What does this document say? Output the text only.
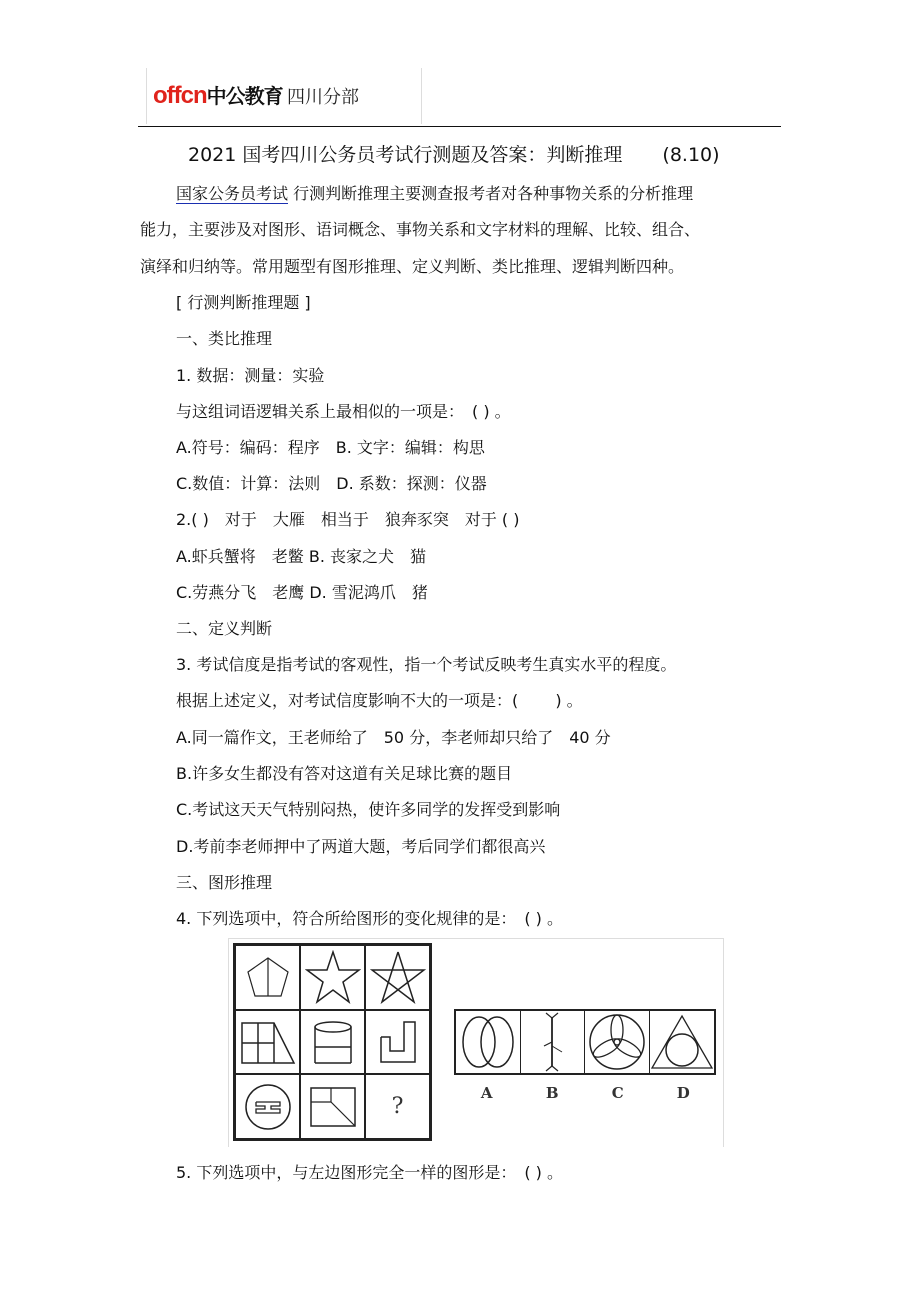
offcn中公教育 四川分部
2021 国考四川公务员考试行测题及答案：判断推理 (8.10)
国家公务员考试 行测判断推理主要测查报考者对各种事物关系的分析推理
能力，主要涉及对图形、语词概念、事物关系和文字材料的理解、比较、组合、
演绎和归纳等。常用题型有图形推理、定义判断、类比推理、逻辑判断四种。
[ 行测判断推理题 ]
一、类比推理
1. 数据：测量：实验
与这组词语逻辑关系上最相似的一项是：　( ) 。
A.符号：编码：程序　B. 文字：编辑：构思
C.数值：计算：法则　D. 系数：探测：仪器
2.( )　对于　大雁　相当于　狼奔豕突　对于 ( )
A.虾兵蟹将　老鳖 B. 丧家之犬　猫
C.劳燕分飞　老鹰 D. 雪泥鸿爪　猪
二、定义判断
3. 考试信度是指考试的客观性，指一个考试反映考生真实水平的程度。
根据上述定义，对考试信度影响不大的一项是：(　　 ) 。
A.同一篇作文，王老师给了　50 分，李老师却只给了　40 分
B.许多女生都没有答对这道有关足球比赛的题目
C.考试这天天气特别闷热，使许多同学的发挥受到影响
D.考前李老师押中了两道大题，考后同学们都很高兴
三、图形推理
4. 下列选项中，符合所给图形的变化规律的是：　( ) 。
?
A	B	C	D
5. 下列选项中，与左边图形完全一样的图形是：　( ) 。
